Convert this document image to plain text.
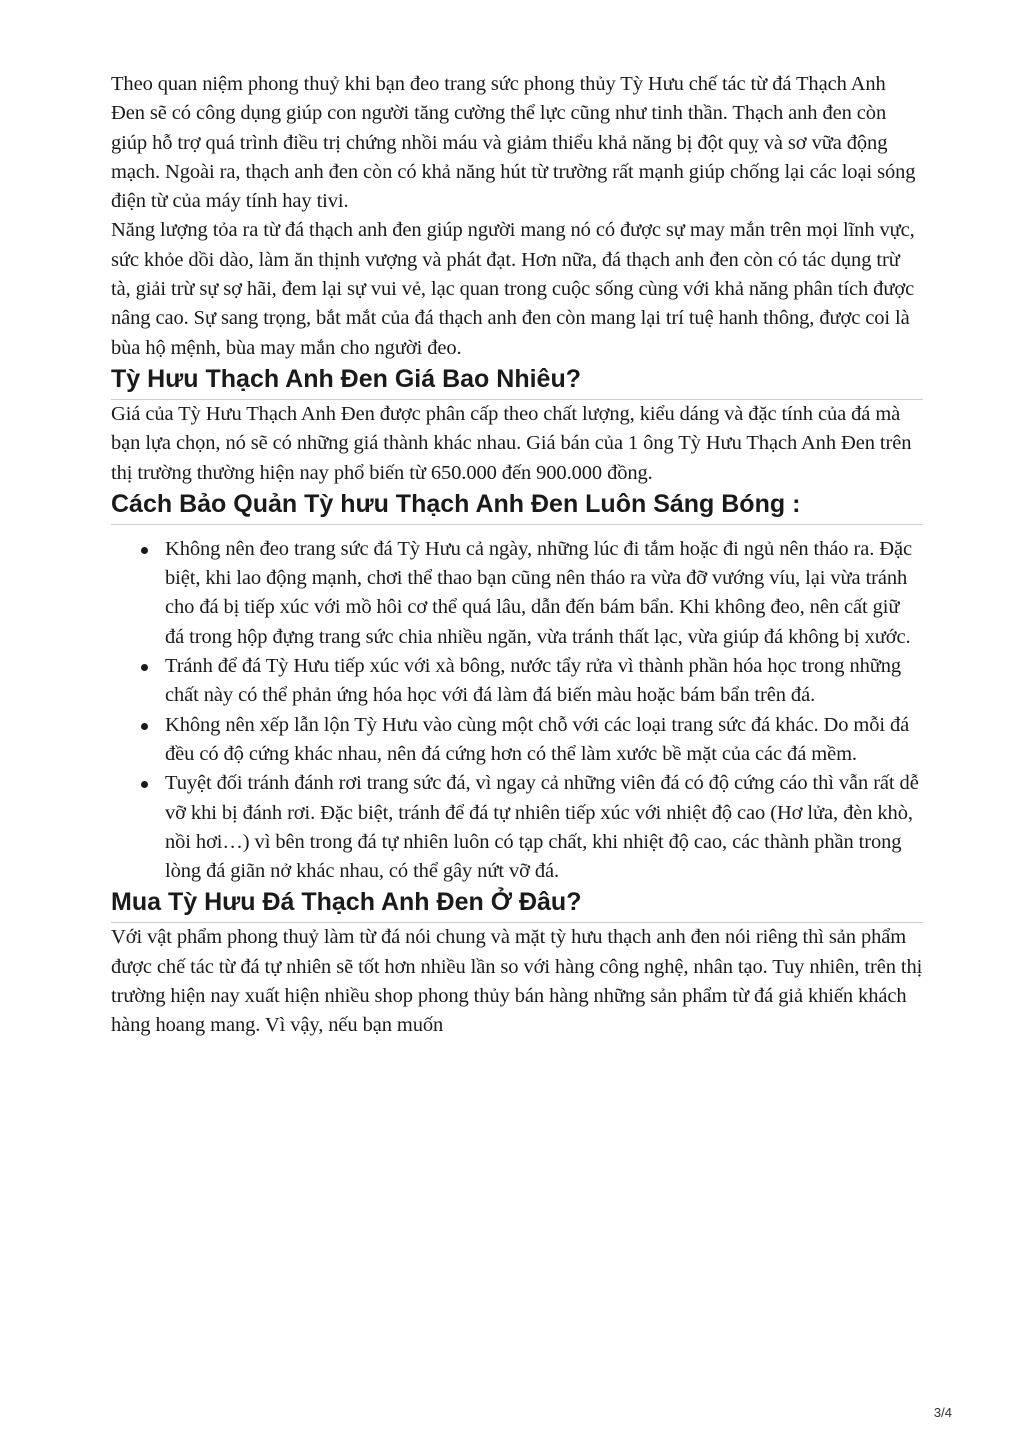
Theo quan niệm phong thuỷ khi bạn đeo trang sức phong thủy Tỳ Hưu chế tác từ đá Thạch Anh Đen sẽ có công dụng giúp con người tăng cường thể lực cũng như tinh thần. Thạch anh đen còn giúp hỗ trợ quá trình điều trị chứng nhồi máu và giảm thiểu khả năng bị đột quỵ và sơ vữa động mạch. Ngoài ra, thạch anh đen còn có khả năng hút từ trường rất mạnh giúp chống lại các loại sóng điện từ của máy tính hay tivi.

Năng lượng tỏa ra từ đá thạch anh đen giúp người mang nó có được sự may mắn trên mọi lĩnh vực, sức khỏe dồi dào, làm ăn thịnh vượng và phát đạt. Hơn nữa, đá thạch anh đen còn có tác dụng trừ tà, giải trừ sự sợ hãi, đem lại sự vui vẻ, lạc quan trong cuộc sống cùng với khả năng phân tích được nâng cao. Sự sang trọng, bắt mắt của đá thạch anh đen còn mang lại trí tuệ hanh thông, được coi là bùa hộ mệnh, bùa may mắn cho người đeo.

Tỳ Hưu Thạch Anh Đen Giá Bao Nhiêu?

Giá của Tỳ Hưu Thạch Anh Đen được phân cấp theo chất lượng, kiểu dáng và đặc tính của đá mà bạn lựa chọn, nó sẽ có những giá thành khác nhau. Giá bán của 1 ông Tỳ Hưu Thạch Anh Đen trên thị trường thường hiện nay phổ biến từ 650.000 đến 900.000 đồng.

Cách Bảo Quản Tỳ hưu Thạch Anh Đen Luôn Sáng Bóng :
Không nên đeo trang sức đá Tỳ Hưu cả ngày, những lúc đi tắm hoặc đi ngủ nên tháo ra. Đặc biệt, khi lao động mạnh, chơi thể thao bạn cũng nên tháo ra vừa đỡ vướng víu, lại vừa tránh cho đá bị tiếp xúc với mồ hôi cơ thể quá lâu, dẫn đến bám bẩn. Khi không đeo, nên cất giữ đá trong hộp đựng trang sức chia nhiều ngăn, vừa tránh thất lạc, vừa giúp đá không bị xước.
Tránh để đá Tỳ Hưu tiếp xúc với xà bông, nước tẩy rửa vì thành phần hóa học trong những chất này có thể phản ứng hóa học với đá làm đá biến màu hoặc bám bẩn trên đá.
Không nên xếp lẫn lộn Tỳ Hưu vào cùng một chỗ với các loại trang sức đá khác. Do mỗi đá đều có độ cứng khác nhau, nên đá cứng hơn có thể làm xước bề mặt của các đá mềm.
Tuyệt đối tránh đánh rơi trang sức đá, vì ngay cả những viên đá có độ cứng cáo thì vẫn rất dễ vỡ khi bị đánh rơi. Đặc biệt, tránh để đá tự nhiên tiếp xúc với nhiệt độ cao (Hơ lửa, đèn khò, nồi hơi…) vì bên trong đá tự nhiên luôn có tạp chất, khi nhiệt độ cao, các thành phần trong lòng đá giãn nở khác nhau, có thể gây nứt vỡ đá.
Mua Tỳ Hưu Đá Thạch Anh Đen Ở Đâu?

Với vật phẩm phong thuỷ làm từ đá nói chung và mặt tỳ hưu thạch anh đen nói riêng thì sản phẩm được chế tác từ đá tự nhiên sẽ tốt hơn nhiều lần so với hàng công nghệ, nhân tạo. Tuy nhiên, trên thị trường hiện nay xuất hiện nhiều shop phong thủy bán hàng những sản phẩm từ đá giả khiến khách hàng hoang mang. Vì vậy, nếu bạn muốn

3/4
